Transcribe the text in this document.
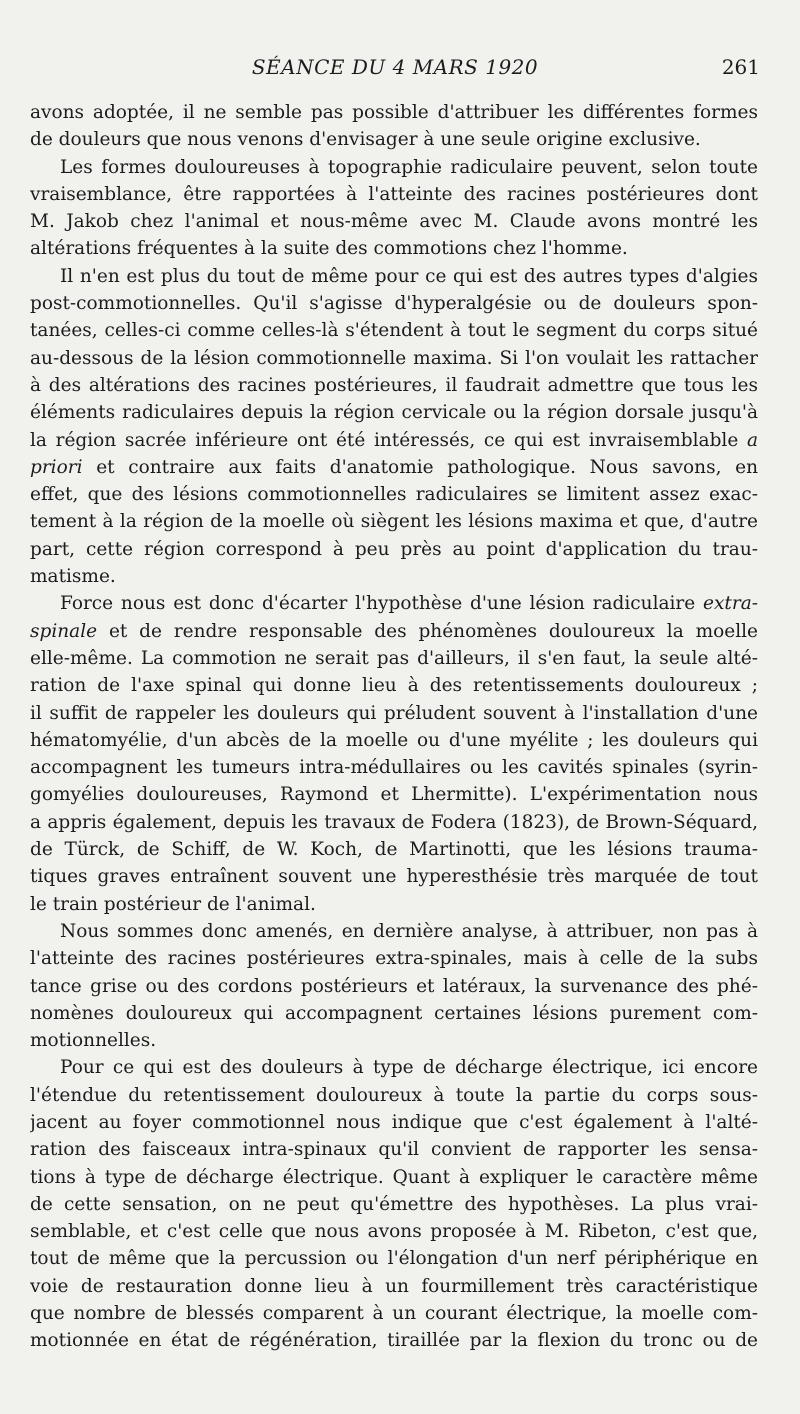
SÉANCE DU 4 MARS 1920	261
avons adoptée, il ne semble pas possible d'attribuer les différentes formes
de douleurs que nous venons d'envisager à une seule origine exclusive.
Les formes douloureuses à topographie radiculaire peuvent, selon toute
vraisemblance, être rapportées à l'atteinte des racines postérieures dont
M. Jakob chez l'animal et nous-même avec M. Claude avons montré les
altérations fréquentes à la suite des commotions chez l'homme.
Il n'en est plus du tout de même pour ce qui est des autres types d'algies
post-commotionnelles. Qu'il s'agisse d'hyperalgésie ou de douleurs spon-
tanées, celles-ci comme celles-là s'étendent à tout le segment du corps situé
au-dessous de la lésion commotionnelle maxima. Si l'on voulait les rattacher
à des altérations des racines postérieures, il faudrait admettre que tous les
éléments radiculaires depuis la région cervicale ou la région dorsale jusqu'à
la région sacrée inférieure ont été intéressés, ce qui est invraisemblable a
priori et contraire aux faits d'anatomie pathologique. Nous savons, en
effet, que des lésions commotionnelles radiculaires se limitent assez exac-
tement à la région de la moelle où siègent les lésions maxima et que, d'autre
part, cette région correspond à peu près au point d'application du trau-
matisme.
Force nous est donc d'écarter l'hypothèse d'une lésion radiculaire extra-
spinale et de rendre responsable des phénomènes douloureux la moelle
elle-même. La commotion ne serait pas d'ailleurs, il s'en faut, la seule alté-
ration de l'axe spinal qui donne lieu à des retentissements douloureux ;
il suffit de rappeler les douleurs qui préludent souvent à l'installation d'une
hématomyélie, d'un abcès de la moelle ou d'une myélite ; les douleurs qui
accompagnent les tumeurs intra-médullaires ou les cavités spinales (syrin-
gomyélies douloureuses, Raymond et Lhermitte). L'expérimentation nous
a appris également, depuis les travaux de Fodera (1823), de Brown-Séquard,
de Türck, de Schiff, de W. Koch, de Martinotti, que les lésions trauma-
tiques graves entraînent souvent une hyperesthésie très marquée de tout
le train postérieur de l'animal.
Nous sommes donc amenés, en dernière analyse, à attribuer, non pas à
l'atteinte des racines postérieures extra-spinales, mais à celle de la subs
tance grise ou des cordons postérieurs et latéraux, la survenance des phé-
nomènes douloureux qui accompagnent certaines lésions purement com-
motionnelles.
Pour ce qui est des douleurs à type de décharge électrique, ici encore
l'étendue du retentissement douloureux à toute la partie du corps sous-
jacent au foyer commotionnel nous indique que c'est également à l'alté-
ration des faisceaux intra-spinaux qu'il convient de rapporter les sensa-
tions à type de décharge électrique. Quant à expliquer le caractère même
de cette sensation, on ne peut qu'émettre des hypothèses. La plus vrai-
semblable, et c'est celle que nous avons proposée à M. Ribeton, c'est que,
tout de même que la percussion ou l'élongation d'un nerf périphérique en
voie de restauration donne lieu à un fourmillement très caractéristique
que nombre de blessés comparent à un courant électrique, la moelle com-
motionnée en état de régénération, tiraillée par la flexion du tronc ou de
